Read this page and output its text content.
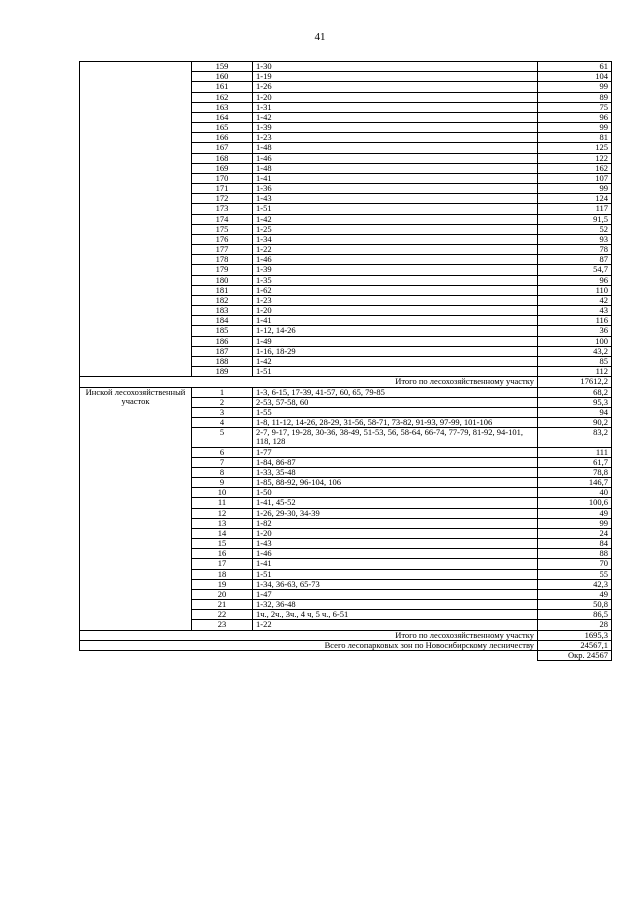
41
	159	1-30	61
	160	1-19	104
	161	1-26	99
	162	1-20	89
	163	1-31	75
	164	1-42	96
	165	1-39	99
	166	1-23	81
	167	1-48	125
	168	1-46	122
	169	1-48	162
	170	1-41	107
	171	1-36	99
	172	1-43	124
	173	1-51	117
	174	1-42	91,5
	175	1-25	52
	176	1-34	93
	177	1-22	78
	178	1-46	87
	179	1-39	54,7
	180	1-35	96
	181	1-62	110
	182	1-23	42
	183	1-20	43
	184	1-41	116
	185	1-12, 14-26	36
	186	1-49	100
	187	1-16, 18-29	43,2
	188	1-42	85
	189	1-51	112
Итого по лесохозяйственному участку			17612,2
Инской лесохозяйственный участок	1	1-3, 6-15, 17-39, 41-57, 60, 65, 79-85	68,2
	2	2-53, 57-58, 60	95,3
	3	1-55	94
	4	1-8, 11-12, 14-26, 28-29, 31-56, 58-71, 73-82, 91-93, 97-99, 101-106	90,2
	5	2-7, 9-17, 19-28, 30-36, 38-49, 51-53, 56, 58-64, 66-74, 77-79, 81-92, 94-101, 118, 128	83,2
	6	1-77	111
	7	1-84, 86-87	61,7
	8	1-33, 35-48	78,8
	9	1-85, 88-92, 96-104, 106	146,7
	10	1-50	40
	11	1-41, 45-52	100,6
	12	1-26, 29-30, 34-39	49
	13	1-82	99
	14	1-20	24
	15	1-43	84
	16	1-46	88
	17	1-41	70
	18	1-51	55
	19	1-34, 36-63, 65-73	42,3
	20	1-47	49
	21	1-32, 36-48	50,8
	22	1ч., 2ч., 3ч., 4 ч, 5 ч., 6-51	86,5
	23	1-22	28
Итого по лесохозяйственному участку			1695,3
Всего лесопарковых зон по Новосибирскому лесничеству			24567,1
			Окр. 24567
